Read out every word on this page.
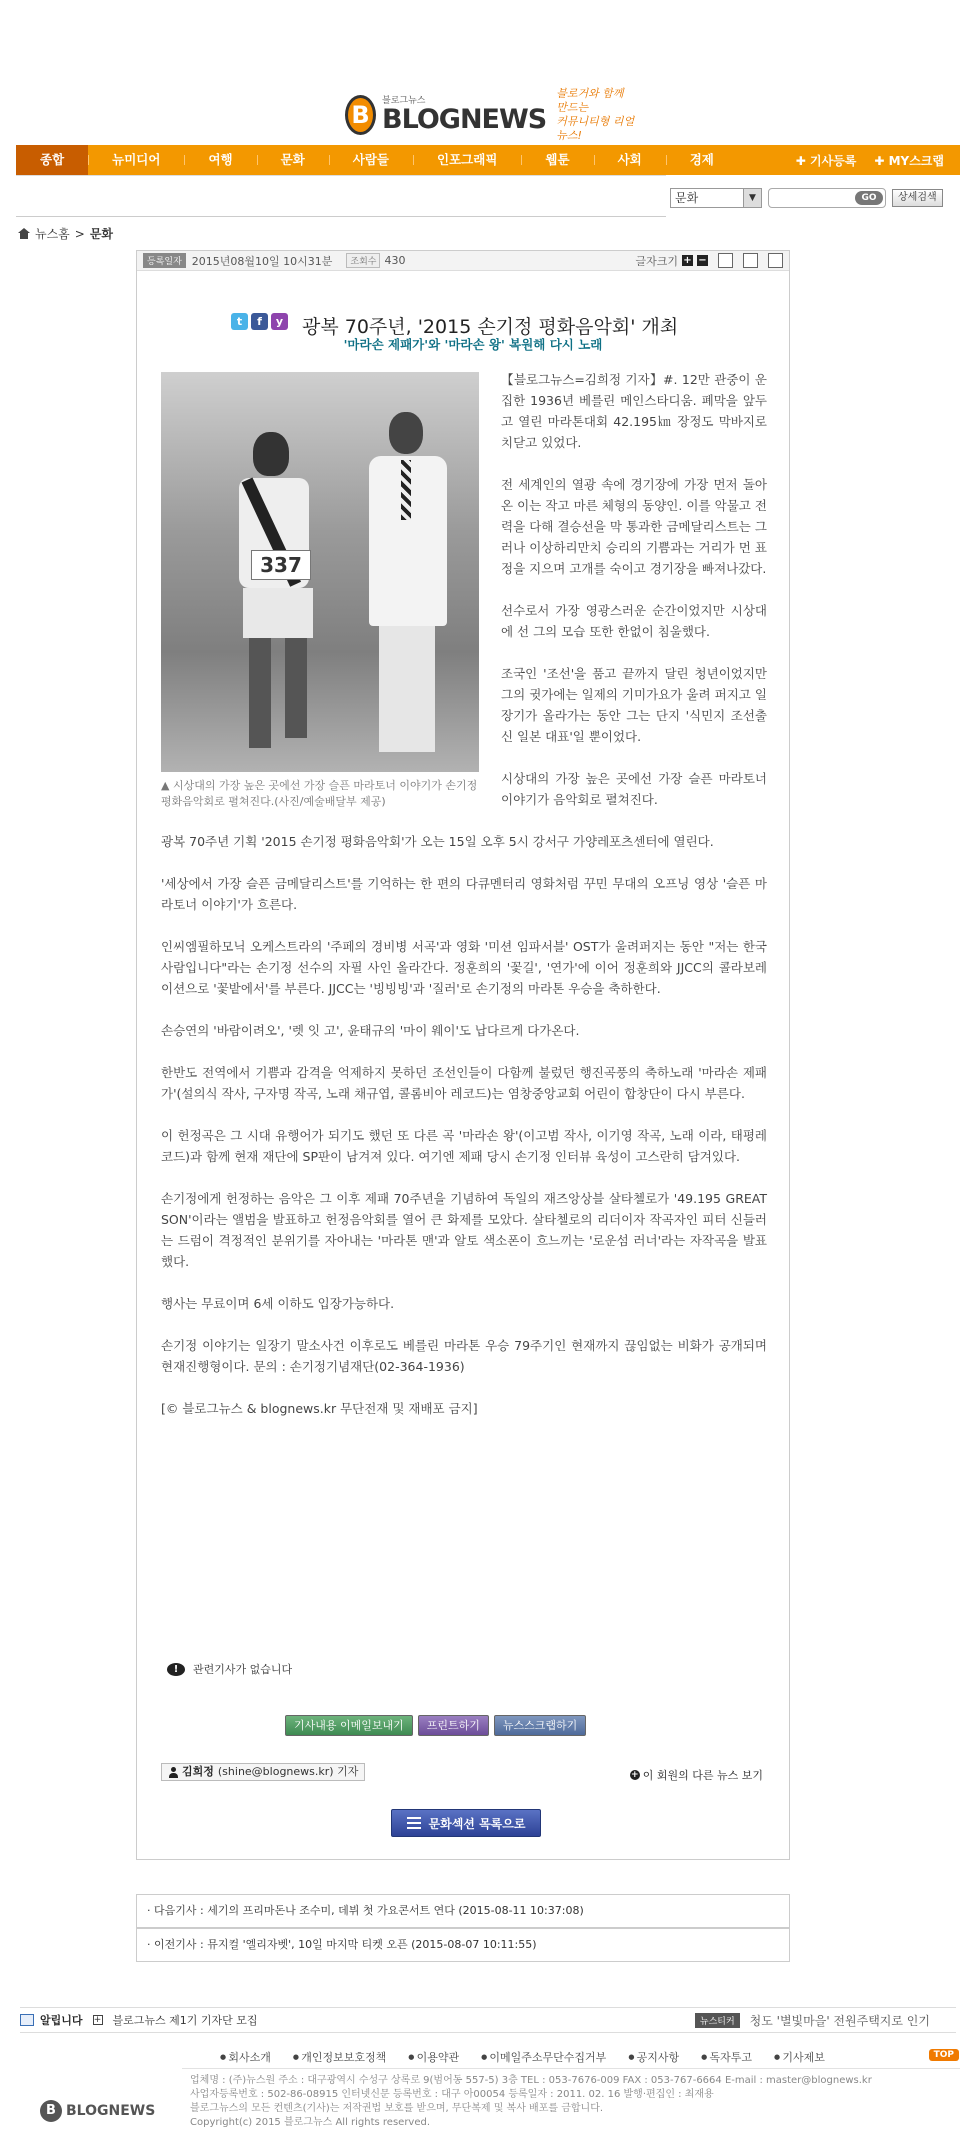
B	블로그뉴스
BLOGNEWS
블로거와 함께 만드는
커뮤니티형 리얼 뉴스!
종합	뉴미디어	여행	문화	사람들	인포그래픽	웹툰	사회	경제	✚ 기사등록 ✚ MY스크랩
문화	▼	GO	상세검색
뉴스홈 > 문화
등록일자 2015년08월10일 10시31분	조회수 430	글자크기 + −
t	f	y 광복 70주년, '2015 손기정 평화음악회' 개최
'마라손 제패가'와 '마라손 왕' 복원해 다시 노래
337
▲ 시상대의 가장 높은 곳에선 가장 슬픈 마라토너 이야기가 손기정 평화음악회로 펼쳐진다.(사진/예술배달부 제공)

【블로그뉴스=김희정 기자】#. 12만 관중이 운집한 1936년 베를린 메인스타디움. 폐막을 앞두고 열린 마라톤대회 42.195㎞ 장정도 막바지로 치닫고 있었다.

전 세계인의 열광 속에 경기장에 가장 먼저 돌아온 이는 작고 마른 체형의 동양인. 이를 악물고 전력을 다해 결승선을 막 통과한 금메달리스트는 그러나 이상하리만치 승리의 기쁨과는 거리가 먼 표정을 지으며 고개를 숙이고 경기장을 빠져나갔다.

선수로서 가장 영광스러운 순간이었지만 시상대에 선 그의 모습 또한 한없이 침울했다.

조국인 '조선'을 품고 끝까지 달린 청년이었지만 그의 귓가에는 일제의 기미가요가 울려 퍼지고 일장기가 올라가는 동안 그는 단지 '식민지 조선출신 일본 대표'일 뿐이었다.

시상대의 가장 높은 곳에선 가장 슬픈 마라토너 이야기가 음악회로 펼쳐진다.

광복 70주년 기획 '2015 손기정 평화음악회'가 오는 15일 오후 5시 강서구 가양레포츠센터에 열린다.

'세상에서 가장 슬픈 금메달리스트'를 기억하는 한 편의 다큐멘터리 영화처럼 꾸민 무대의 오프닝 영상 '슬픈 마라토너 이야기'가 흐른다.

인씨엠필하모닉 오케스트라의 '주페의 경비병 서곡'과 영화 '미션 임파서블' OST가 울려퍼지는 동안 "저는 한국사람입니다"라는 손기정 선수의 자필 사인 올라간다. 정훈희의 '꽃길', '연가'에 이어 정훈희와 JJCC의 콜라보레이션으로 '꽃밭에서'를 부른다. JJCC는 '빙빙빙'과 '질러'로 손기정의 마라톤 우승을 축하한다.

손승연의 '바람이려오', '렛 잇 고', 윤태규의 '마이 웨이'도 납다르게 다가온다.

한반도 전역에서 기쁨과 감격을 억제하지 못하던 조선인들이 다함께 불렀던 행진곡풍의 축하노래 '마라손 제패가'(설의식 작사, 구자명 작곡, 노래 채규엽, 콜롬비아 레코드)는 염창중앙교회 어린이 합창단이 다시 부른다.

이 헌정곡은 그 시대 유행어가 되기도 했던 또 다른 곡 '마라손 왕'(이고범 작사, 이기영 작곡, 노래 이라, 태평레코드)과 함께 현재 재단에 SP판이 남겨져 있다. 여기엔 제패 당시 손기정 인터뷰 육성이 고스란히 담겨있다.

손기정에게 헌정하는 음악은 그 이후 제패 70주년을 기념하여 독일의 재즈앙상블 살타첼로가 '49.195 GREAT SON'이라는 앨범을 발표하고 헌정음악회를 열어 큰 화제를 모았다. 살타첼로의 리더이자 작곡자인 피터 신들러는 드럼이 격정적인 분위기를 자아내는 '마라톤 맨'과 알토 색소폰이 흐느끼는 '로운섬 러너'라는 자작곡을 발표했다.

행사는 무료이며 6세 이하도 입장가능하다.

손기정 이야기는 일장기 말소사건 이후로도 베를린 마라톤 우승 79주기인 현재까지 끊임없는 비화가 공개되며 현재진행형이다. 문의 : 손기정기념재단(02-364-1936)

[© 블로그뉴스 & blognews.kr 무단전재 및 재배포 금지]

!	관련기사가 없습니다
기사내용 이메일보내기	프린트하기	뉴스스크랩하기
김희정 (shine@blognews.kr) 기자	+ 이 회원의 다른 뉴스 보기
문화섹션 목록으로
· 다음기사 : 세기의 프리마돈나 조수미, 데뷔 첫 가요콘서트 연다 (2015-08-11 10:37:08)
· 이전기사 : 뮤지컬 '엘리자벳', 10일 마지막 티켓 오픈 (2015-08-07 10:11:55)
알립니다 + 블로그뉴스 제1기 기자단 모집	뉴스티커	청도 '별빛마을' 전원주택지로 인기
● 회사소개	● 개인정보보호정책	● 이용약관	● 이메일주소무단수집거부	● 공지사항	● 독자투고	● 기사제보	TOP
B BLOGNEWS
업체명 : (주)뉴스원 주소 : 대구광역시 수성구 상록로 9(범어동 557-5) 3층 TEL : 053-7676-009 FAX : 053-767-6664 E-mail : master@blognews.kr
사업자등록번호 : 502-86-08915 인터넷신문 등록번호 : 대구 아00054 등록일자 : 2011. 02. 16 발행·편집인 : 최재용
블로그뉴스의 모든 컨텐츠(기사)는 저작권법 보호를 받으며, 무단복제 및 복사 배포를 금합니다.
Copyright(c) 2015 블로그뉴스 All rights reserved.
